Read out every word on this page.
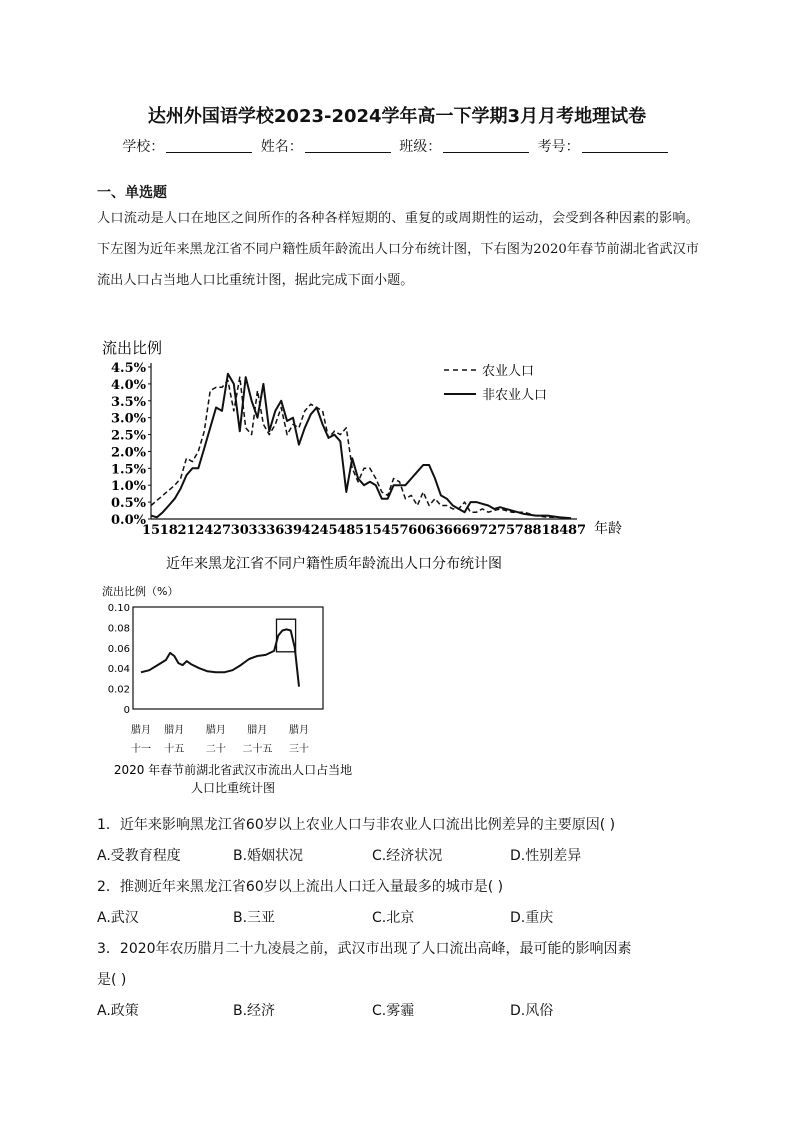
达州外国语学校2023-2024学年高一下学期3月月考地理试卷
学校：	姓名：	班级：	考号：
一、单选题
人口流动是人口在地区之间所作的各种各样短期的、重复的或周期性的运动，会受到各种因素的影响。下左图为近年来黑龙江省不同户籍性质年龄流出人口分布统计图，下右图为2020年春节前湖北省武汉市流出人口占当地人口比重统计图，据此完成下面小题。
流出比例
0.0%
0.5%
1.0%
1.5%
2.0%
2.5%
3.0%
3.5%
4.0%
4.5%
15 18 21 24 27 30 33 36 39 42 45 48 51 54 57 60 63 66 69 72 75 78 81 84 87
农业人口
非农业人口
年龄
近年来黑龙江省不同户籍性质年龄流出人口分布统计图
流出比例（%）
0
0.02
0.04
0.06
0.08
0.10
腊月
十一
腊月
十五
腊月
二十
腊月
二十五
腊月
三十
2020 年春节前湖北省武汉市流出人口占当地
人口比重统计图
1．近年来影响黑龙江省60岁以上农业人口与非农业人口流出比例差异的主要原因( )
A.受教育程度	B.婚姻状况	C.经济状况	D.性别差异
2．推测近年来黑龙江省60岁以上流出人口迁入量最多的城市是( )
A.武汉	B.三亚	C.北京	D.重庆
3．2020年农历腊月二十九凌晨之前，武汉市出现了人口流出高峰，最可能的影响因素
是( )
A.政策	B.经济	C.雾霾	D.风俗
